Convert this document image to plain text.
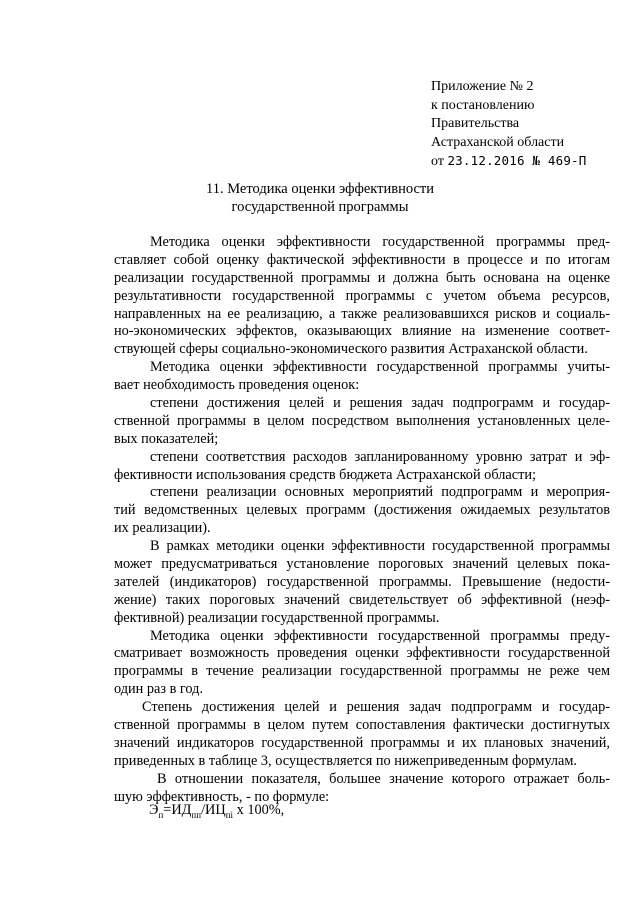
Приложение № 2
к постановлению
Правительства
Астраханской области
от 23.12.2016 № 469-П
11. Методика оценки эффективности
государственной программы
Методика оценки эффективности государственной программы пред-
ставляет собой оценку фактической эффективности в процессе и по итогам
реализации государственной программы и должна быть основана на оценке
результативности государственной программы с учетом объема ресурсов,
направленных на ее реализацию, а также реализовавшихся рисков и социаль-
но-экономических эффектов, оказывающих влияние на изменение соответ-
ствующей сферы социально-экономического развития Астраханской области.
Методика оценки эффективности государственной программы учиты-
вает необходимость проведения оценок:
степени достижения целей и решения задач подпрограмм и государ-
ственной программы в целом посредством выполнения установленных целе-
вых показателей;
степени соответствия расходов запланированному уровню затрат и эф-
фективности использования средств бюджета Астраханской области;
степени реализации основных мероприятий подпрограмм и мероприя-
тий ведомственных целевых программ (достижения ожидаемых результатов
их реализации).
В рамках методики оценки эффективности государственной программы
может предусматриваться установление пороговых значений целевых пока-
зателей (индикаторов) государственной программы. Превышение (недости-
жение) таких пороговых значений свидетельствует об эффективной (неэф-
фективной) реализации государственной программы.
Методика оценки эффективности государственной программы преду-
сматривает возможность проведения оценки эффективности государственной
программы в течение реализации государственной программы не реже чем
один раз в год.
Степень достижения целей и решения задач подпрограмм и государ-
ственной программы в целом путем сопоставления фактически достигнутых
значений индикаторов государственной программы и их плановых значений,
приведенных в таблице 3, осуществляется по нижеприведенным формулам.
В отношении показателя, большее значение которого отражает боль-
шую эффективность, - по формуле:
$Э_п=ИД_{пп}/ИЦ_{пi}$ х 100%,
